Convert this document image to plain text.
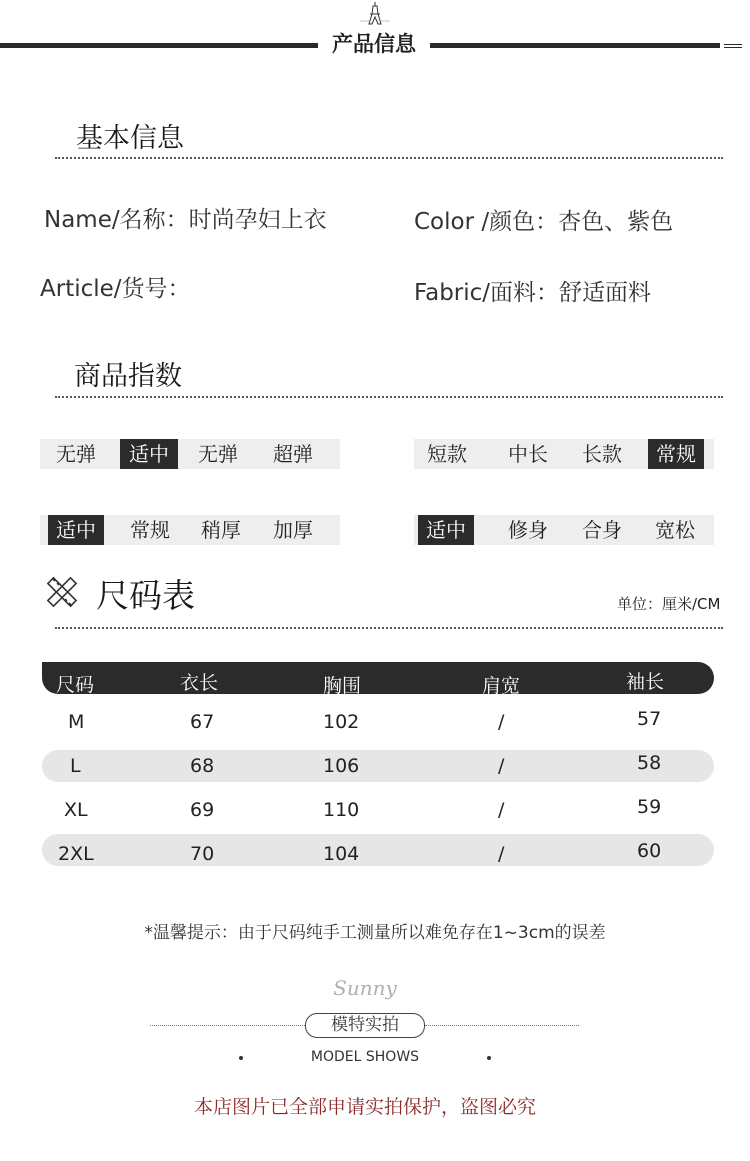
产品信息
基本信息
Name/名称：时尚孕妇上衣	Color /颜色：杏色、紫色
Article/货号：	Fabric/面料：舒适面料
商品指数
无弹	适中	无弹	超弹	短款	中长	长款	常规
适中	常规	稍厚	加厚	适中	修身	合身	宽松
尺码表	单位：厘米/CM
尺码	衣长	胸围	肩宽	袖长
M	67	102	/	57
L	68	106	/	58
XL	69	110	/	59
2XL	70	104	/	60
*温馨提示：由于尺码纯手工测量所以难免存在1~3cm的误差
Sunny
模特实拍
MODEL SHOWS
本店图片已全部申请实拍保护，盗图必究
